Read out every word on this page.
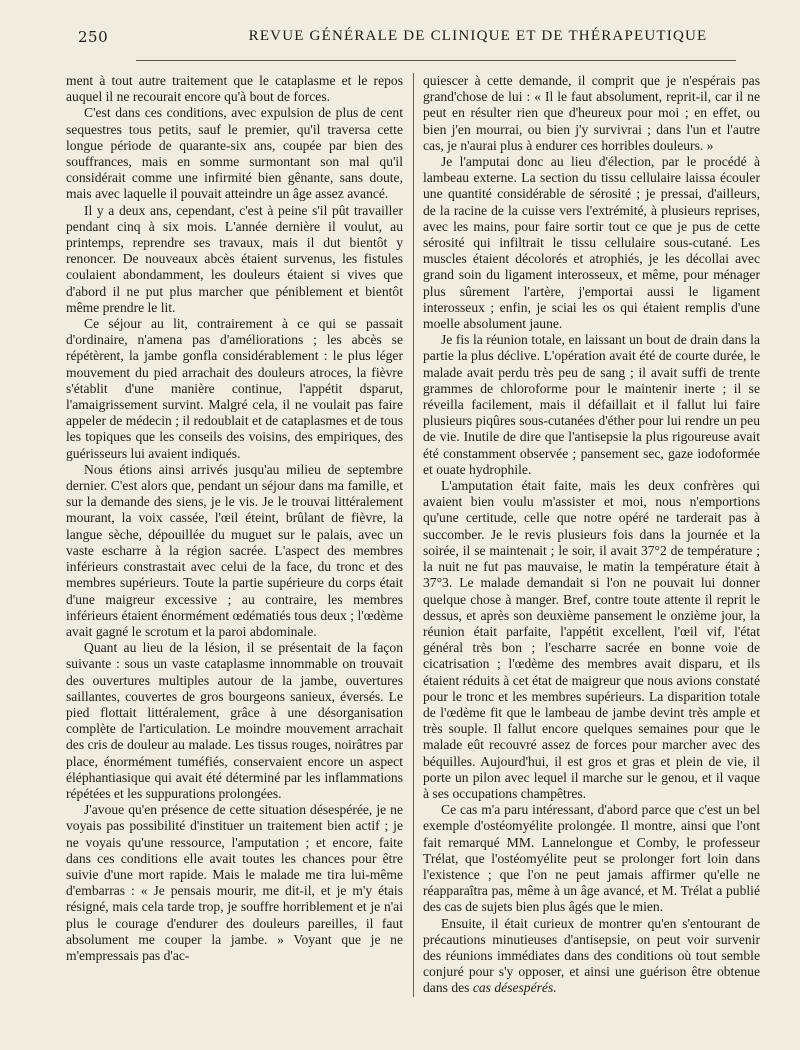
250	REVUE GÉNÉRALE DE CLINIQUE ET DE THÉRAPEUTIQUE

ment à tout autre traitement que le cataplasme et le repos auquel il ne recourait encore qu'à bout de forces.

C'est dans ces conditions, avec expulsion de plus de cent sequestres tous petits, sauf le premier, qu'il traversa cette longue période de quarante-six ans, coupée par bien des souffrances, mais en somme surmontant son mal qu'il considérait comme une infirmité bien gênante, sans doute, mais avec laquelle il pouvait atteindre un âge assez avancé.

Il y a deux ans, cependant, c'est à peine s'il pût travailler pendant cinq à six mois. L'année dernière il voulut, au printemps, reprendre ses travaux, mais il dut bientôt y renoncer. De nouveaux abcès étaient survenus, les fistules coulaient abondamment, les douleurs étaient si vives que d'abord il ne put plus marcher que péniblement et bientôt même prendre le lit.

Ce séjour au lit, contrairement à ce qui se passait d'ordinaire, n'amena pas d'améliorations ; les abcès se répétèrent, la jambe gonfla considérablement : le plus léger mouvement du pied arrachait des douleurs atroces, la fièvre s'établit d'une manière continue, l'appétit dsparut, l'amaigrissement survint. Malgré cela, il ne voulait pas faire appeler de médecin ; il redoublait et de cataplasmes et de tous les topiques que les conseils des voisins, des empiriques, des guérisseurs lui avaient indiqués.

Nous étions ainsi arrivés jusqu'au milieu de septembre dernier. C'est alors que, pendant un séjour dans ma famille, et sur la demande des siens, je le vis. Je le trouvai littéralement mourant, la voix cassée, l'œil éteint, brûlant de fièvre, la langue sèche, dépouillée du muguet sur le palais, avec un vaste escharre à la région sacrée. L'aspect des membres inférieurs constrastait avec celui de la face, du tronc et des membres supérieurs. Toute la partie supérieure du corps était d'une maigreur excessive ; au contraire, les membres inférieurs étaient énormément œdématiés tous deux ; l'œdème avait gagné le scrotum et la paroi abdominale.

Quant au lieu de la lésion, il se présentait de la façon suivante : sous un vaste cataplasme innommable on trouvait des ouvertures multiples autour de la jambe, ouvertures saillantes, couvertes de gros bourgeons sanieux, éversés. Le pied flottait littéralement, grâce à une désorganisation complète de l'articulation. Le moindre mouvement arrachait des cris de douleur au malade. Les tissus rouges, noirâtres par place, énormément tuméfiés, conservaient encore un aspect éléphantiasique qui avait été déterminé par les inflammations répétées et les suppurations prolongées.

J'avoue qu'en présence de cette situation désespérée, je ne voyais pas possibilité d'instituer un traitement bien actif ; je ne voyais qu'une ressource, l'amputation ; et encore, faite dans ces conditions elle avait toutes les chances pour être suivie d'une mort rapide. Mais le malade me tira lui-même d'embarras : « Je pensais mourir, me dit-il, et je m'y étais résigné, mais cela tarde trop, je souffre horriblement et je n'ai plus le courage d'endurer des douleurs pareilles, il faut absolument me couper la jambe. » Voyant que je ne m'empressais pas d'ac-

quiescer à cette demande, il comprit que je n'espérais pas grand'chose de lui : « Il le faut absolument, reprit-il, car il ne peut en résulter rien que d'heureux pour moi ; en effet, ou bien j'en mourrai, ou bien j'y survivrai ; dans l'un et l'autre cas, je n'aurai plus à endurer ces horribles douleurs. »

Je l'amputai donc au lieu d'élection, par le procédé à lambeau externe. La section du tissu cellulaire laissa écouler une quantité considérable de sérosité ; je pressai, d'ailleurs, de la racine de la cuisse vers l'extrémité, à plusieurs reprises, avec les mains, pour faire sortir tout ce que je pus de cette sérosité qui infiltrait le tissu cellulaire sous-cutané. Les muscles étaient décolorés et atrophiés, je les décollai avec grand soin du ligament interosseux, et même, pour ménager plus sûrement l'artère, j'emportai aussi le ligament interosseux ; enfin, je sciai les os qui étaient remplis d'une moelle absolument jaune.

Je fis la réunion totale, en laissant un bout de drain dans la partie la plus déclive. L'opération avait été de courte durée, le malade avait perdu très peu de sang ; il avait suffi de trente grammes de chloroforme pour le maintenir inerte ; il se réveilla facilement, mais il défaillait et il fallut lui faire plusieurs piqûres sous-cutanées d'éther pour lui rendre un peu de vie. Inutile de dire que l'antisepsie la plus rigoureuse avait été constamment observée ; pansement sec, gaze iodoformée et ouate hydrophile.

L'amputation était faite, mais les deux confrères qui avaient bien voulu m'assister et moi, nous n'emportions qu'une certitude, celle que notre opéré ne tarderait pas à succomber. Je le revis plusieurs fois dans la journée et la soirée, il se maintenait ; le soir, il avait 37°2 de température ; la nuit ne fut pas mauvaise, le matin la température était à 37°3. Le malade demandait si l'on ne pouvait lui donner quelque chose à manger. Bref, contre toute attente il reprit le dessus, et après son deuxième pansement le onzième jour, la réunion était parfaite, l'appétit excellent, l'œil vif, l'état général très bon ; l'escharre sacrée en bonne voie de cicatrisation ; l'œdème des membres avait disparu, et ils étaient réduits à cet état de maigreur que nous avions constaté pour le tronc et les membres supérieurs. La disparition totale de l'œdème fit que le lambeau de jambe devint très ample et très souple. Il fallut encore quelques semaines pour que le malade eût recouvré assez de forces pour marcher avec des béquilles. Aujourd'hui, il est gros et gras et plein de vie, il porte un pilon avec lequel il marche sur le genou, et il vaque à ses occupations champêtres.

Ce cas m'a paru intéressant, d'abord parce que c'est un bel exemple d'ostéomyélite prolongée. Il montre, ainsi que l'ont fait remarqué MM. Lannelongue et Comby, le professeur Trélat, que l'ostéomyélite peut se prolonger fort loin dans l'existence ; que l'on ne peut jamais affirmer qu'elle ne réapparaîtra pas, même à un âge avancé, et M. Trélat a publié des cas de sujets bien plus âgés que le mien.

Ensuite, il était curieux de montrer qu'en s'entourant de précautions minutieuses d'antisepsie, on peut voir survenir des réunions immédiates dans des conditions où tout semble conjuré pour s'y opposer, et ainsi une guérison être obtenue dans des cas désespérés.
